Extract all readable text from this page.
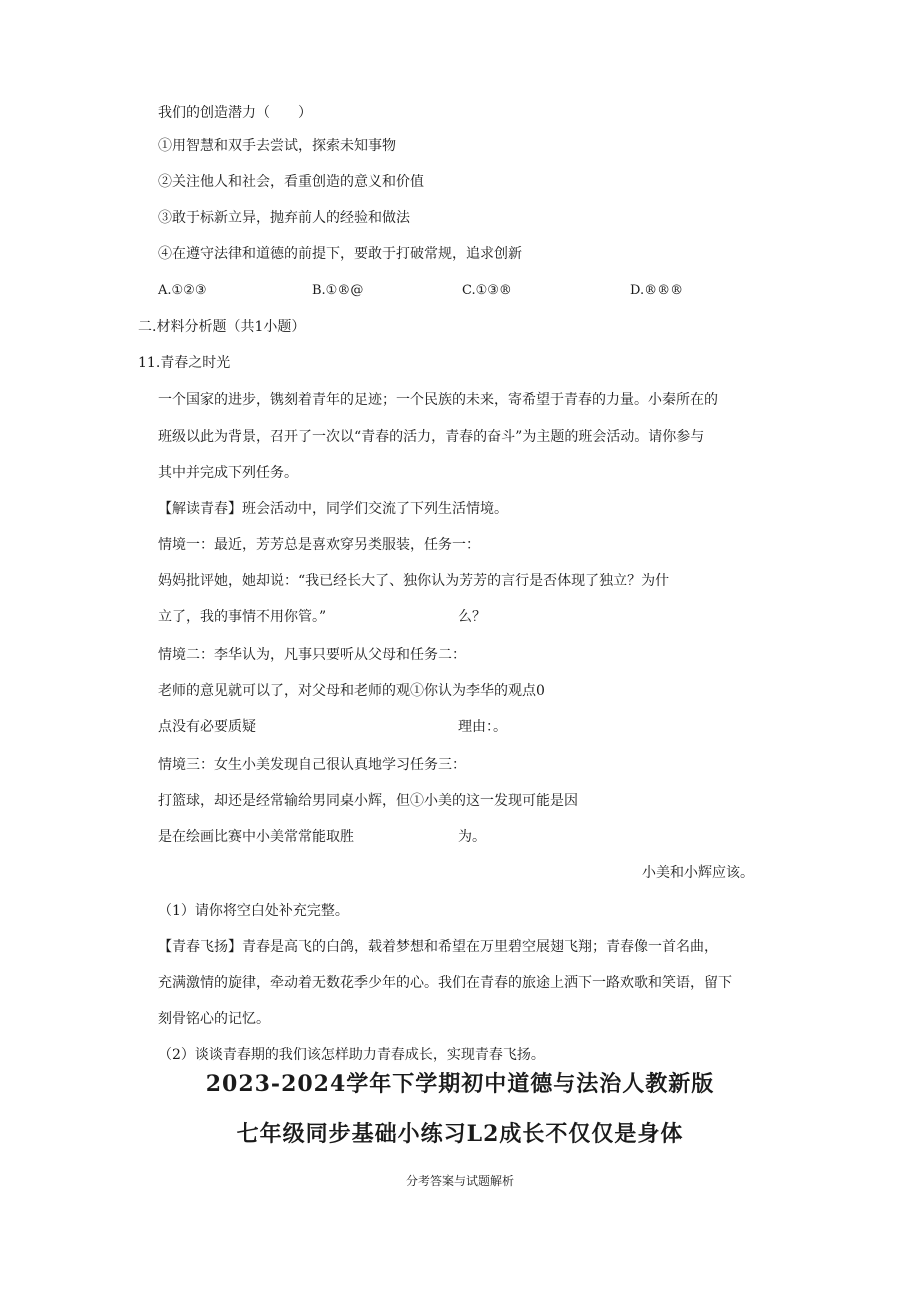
我们的创造潜力（　　）
①用智慧和双手去尝试，探索未知事物
②关注他人和社会，看重创造的意义和价值
③敢于标新立异，抛弃前人的经验和做法
④在遵守法律和道德的前提下，要敢于打破常规，追求创新
A.①②③	B.①®@	C.①③®	D.®®®
二.材料分析题（共1小题）
11.青春之时光
一个国家的进步，镌刻着青年的足迹；一个民族的未来，寄希望于青春的力量。小秦所在的
班级以此为背景，召开了一次以“青春的活力，青春的奋斗”为主题的班会活动。请你参与
其中并完成下列任务。
【解读青春】班会活动中，同学们交流了下列生活情境。
情境一：最近，芳芳总是喜欢穿另类服装，任务一：
妈妈批评她，她却说：“我已经长大了、独你认为芳芳的言行是否体现了独立？为什
立了，我的事情不用你管。”	么？
情境二：李华认为，凡事只要听从父母和任务二：
老师的意见就可以了，对父母和老师的观①你认为李华的观点0
点没有必要质疑	理由：。
情境三：女生小美发现自己很认真地学习任务三：
打篮球，却还是经常输给男同桌小辉，但①小美的这一发现可能是因
是在绘画比赛中小美常常能取胜	为。
小美和小辉应该。
（1）请你将空白处补充完整。
【青春飞扬】青春是高飞的白鸽，载着梦想和希望在万里碧空展翅飞翔；青春像一首名曲，
充满激情的旋律，牵动着无数花季少年的心。我们在青春的旅途上洒下一路欢歌和笑语，留下
刻骨铭心的记忆。
（2）谈谈青春期的我们该怎样助力青春成长，实现青春飞扬。
2023-2024学年下学期初中道德与法治人教新版
七年级同步基础小练习L2成长不仅仅是身体
分考答案与试题解析
